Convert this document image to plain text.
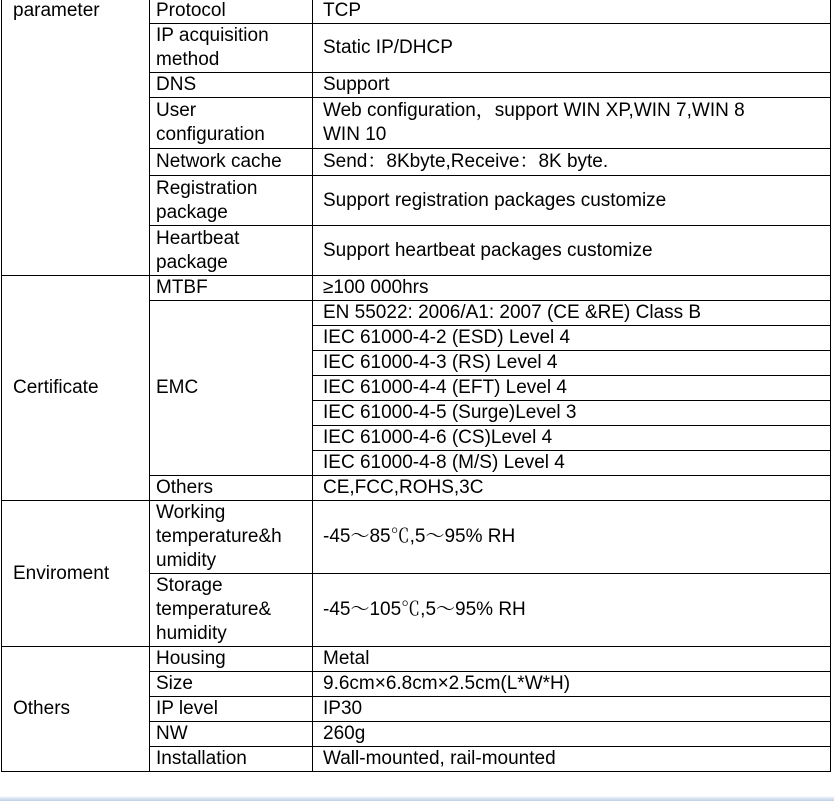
parameter	Protocol	TCP

	IP acquisition
method	Static IP/DHCP

	DNS	Support

	User
configuration	Web configuration，support WIN XP,WIN 7,WIN 8
WIN 10

	Network cache	Send：8Kbyte,Receive：8K byte.

	Registration
package	Support registration packages customize

	Heartbeat
package	Support heartbeat packages customize

Certificate	MTBF	≥100 000hrs

	EMC	EN 55022: 2006/A1: 2007 (CE &RE) Class B

		IEC 61000-4-2 (ESD) Level 4

		IEC 61000-4-3 (RS) Level 4

		IEC 61000-4-4 (EFT) Level 4

		IEC 61000-4-5 (Surge)Level 3

		IEC 61000-4-6 (CS)Level 4

		IEC 61000-4-8 (M/S) Level 4

	Others	CE,FCC,ROHS,3C

Enviroment	Working
temperature&h
umidity	-45～85℃,5～95% RH

	Storage
temperature&
humidity	-45～105℃,5～95% RH

Others	Housing	Metal

	Size	9.6cm×6.8cm×2.5cm(L*W*H)

	IP level	IP30

	NW	260g

	Installation	Wall-mounted, rail-mounted
